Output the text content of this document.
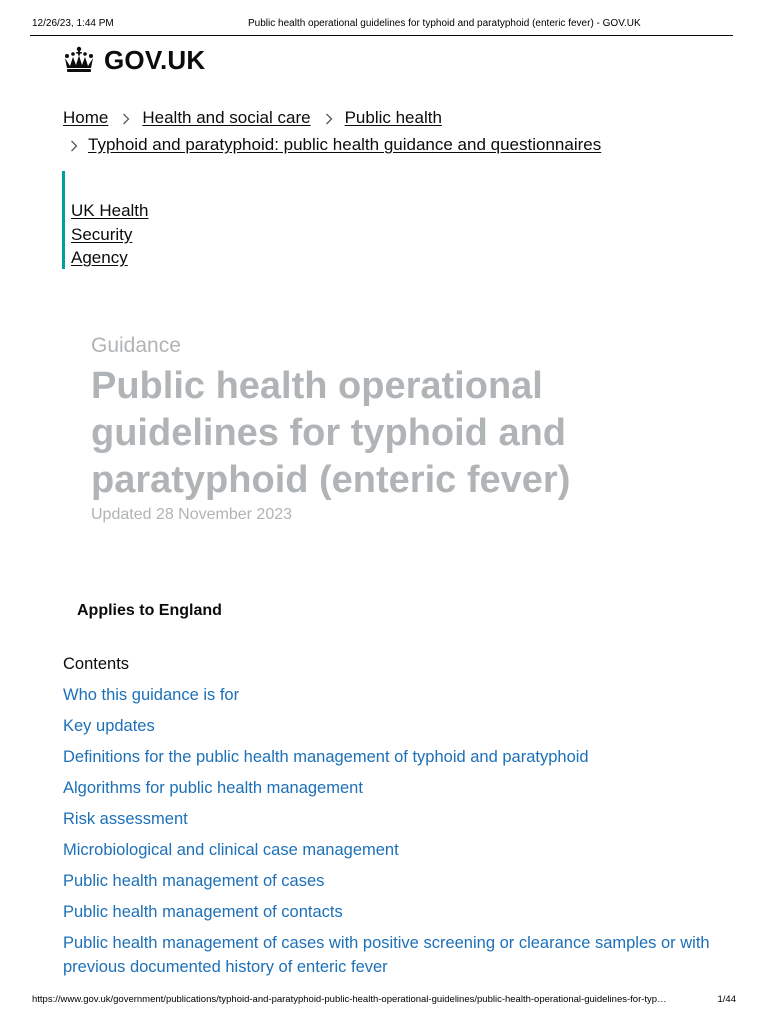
12/26/23, 1:44 PM	Public health operational guidelines for typhoid and paratyphoid (enteric fever) - GOV.UK
GOV.UK
Home Health and social care Public health
Typhoid and paratyphoid: public health guidance and questionnaires
UK Health
Security
Agency
Guidance
Public health operational guidelines for typhoid and paratyphoid (enteric fever)
Updated 28 November 2023
Applies to England
Contents
Who this guidance is for
Key updates
Definitions for the public health management of typhoid and paratyphoid
Algorithms for public health management
Risk assessment
Microbiological and clinical case management
Public health management of cases
Public health management of contacts
Public health management of cases with positive screening or clearance samples or with previous documented history of enteric fever
https://www.gov.uk/government/publications/typhoid-and-paratyphoid-public-health-operational-guidelines/public-health-operational-guidelines-for-typ…	1/44
